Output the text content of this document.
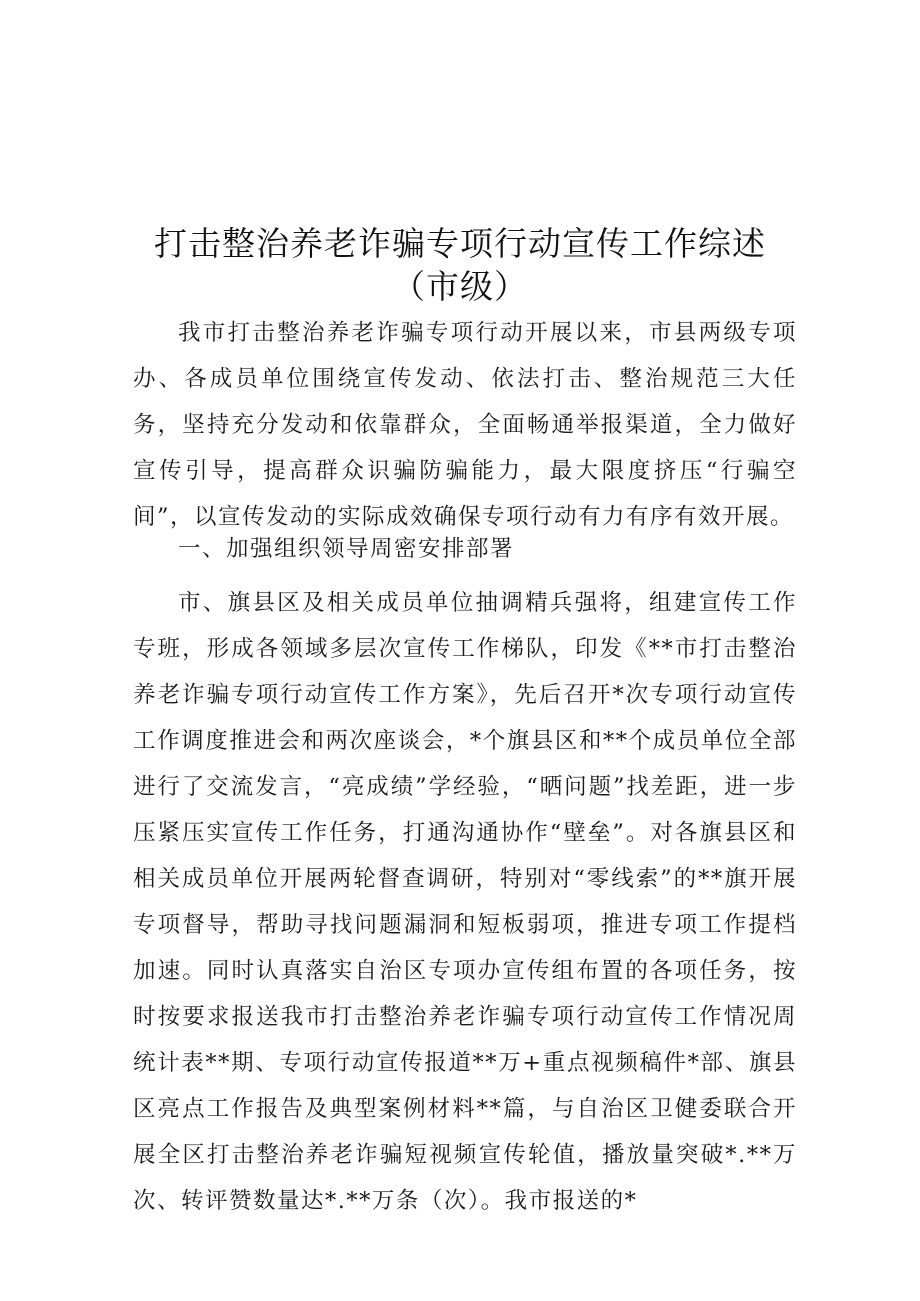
打击整治养老诈骗专项行动宣传工作综述（市级）

我市打击整治养老诈骗专项行动开展以来，市县两级专项办、各成员单位围绕宣传发动、依法打击、整治规范三大任务，坚持充分发动和依靠群众，全面畅通举报渠道，全力做好宣传引导，提高群众识骗防骗能力，最大限度挤压“行骗空间”，以宣传发动的实际成效确保专项行动有力有序有效开展。

一、加强组织领导周密安排部署

市、旗县区及相关成员单位抽调精兵强将，组建宣传工作专班，形成各领域多层次宣传工作梯队，印发《**市打击整治养老诈骗专项行动宣传工作方案》，先后召开*次专项行动宣传工作调度推进会和两次座谈会，*个旗县区和**个成员单位全部进行了交流发言，“亮成绩”学经验，“晒问题”找差距，进一步压紧压实宣传工作任务，打通沟通协作“壁垒”。对各旗县区和相关成员单位开展两轮督查调研，特别对“零线索”的**旗开展专项督导，帮助寻找问题漏洞和短板弱项，推进专项工作提档加速。同时认真落实自治区专项办宣传组布置的各项任务，按时按要求报送我市打击整治养老诈骗专项行动宣传工作情况周统计表**期、专项行动宣传报道**万+重点视频稿件*部、旗县区亮点工作报告及典型案例材料**篇，与自治区卫健委联合开展全区打击整治养老诈骗短视频宣传轮值，播放量突破*.**万次、转评赞数量达*.**万条（次）。我市报送的*
